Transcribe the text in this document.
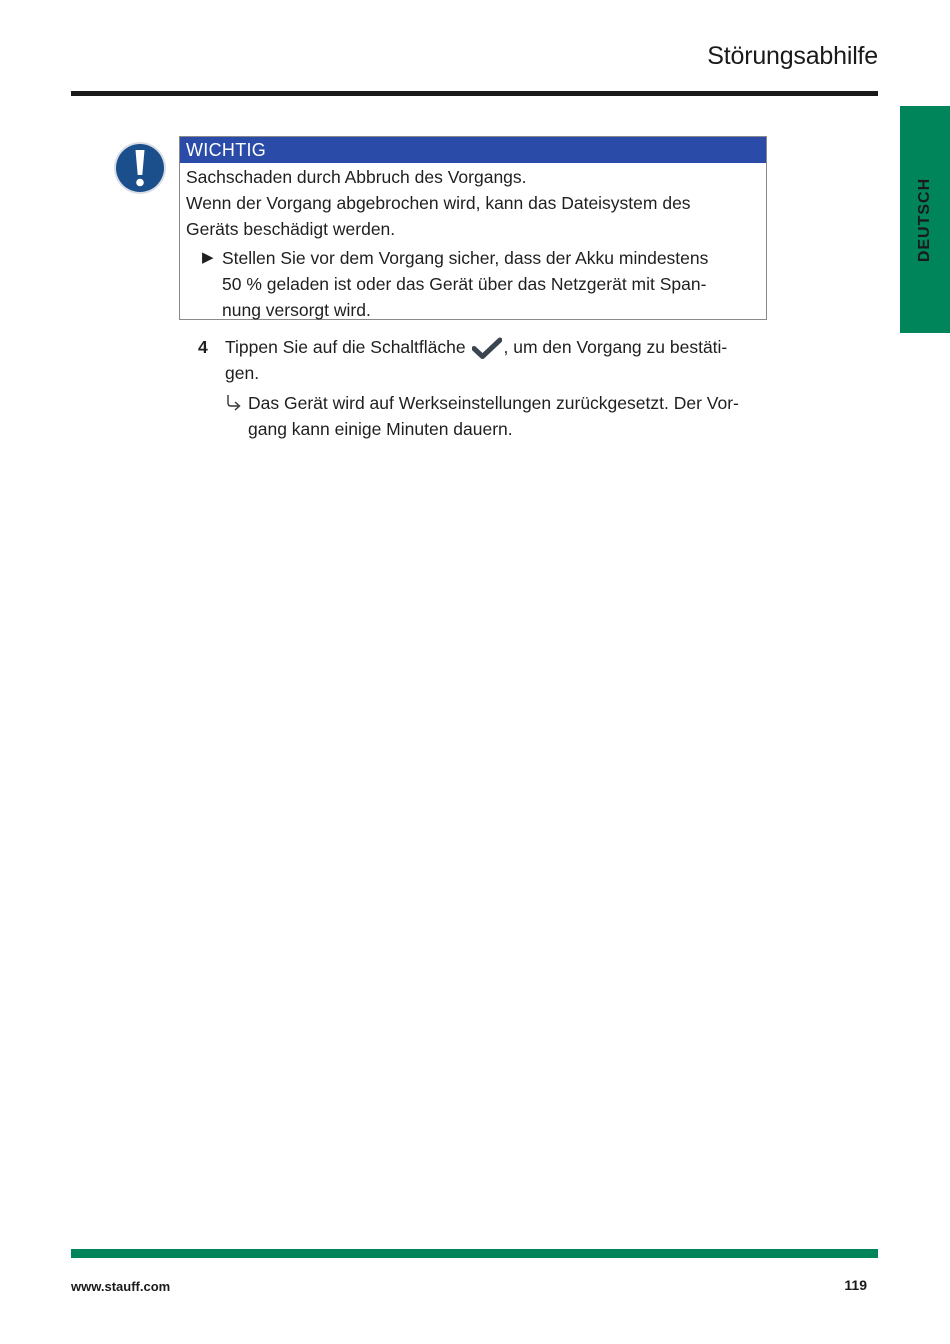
Störungsabhilfe
DEUTSCH
WICHTIG
Sachschaden durch Abbruch des Vorgangs.
Wenn der Vorgang abgebrochen wird, kann das Dateisystem des
Geräts beschädigt werden.
▶ Stellen Sie vor dem Vorgang sicher, dass der Akku mindestens
50 % geladen ist oder das Gerät über das Netzgerät mit Span-
nung versorgt wird.
4 Tippen Sie auf die Schaltfläche , um den Vorgang zu bestäti-
gen.
Das Gerät wird auf Werkseinstellungen zurückgesetzt. Der Vor-
gang kann einige Minuten dauern.
www.stauff.com	119
